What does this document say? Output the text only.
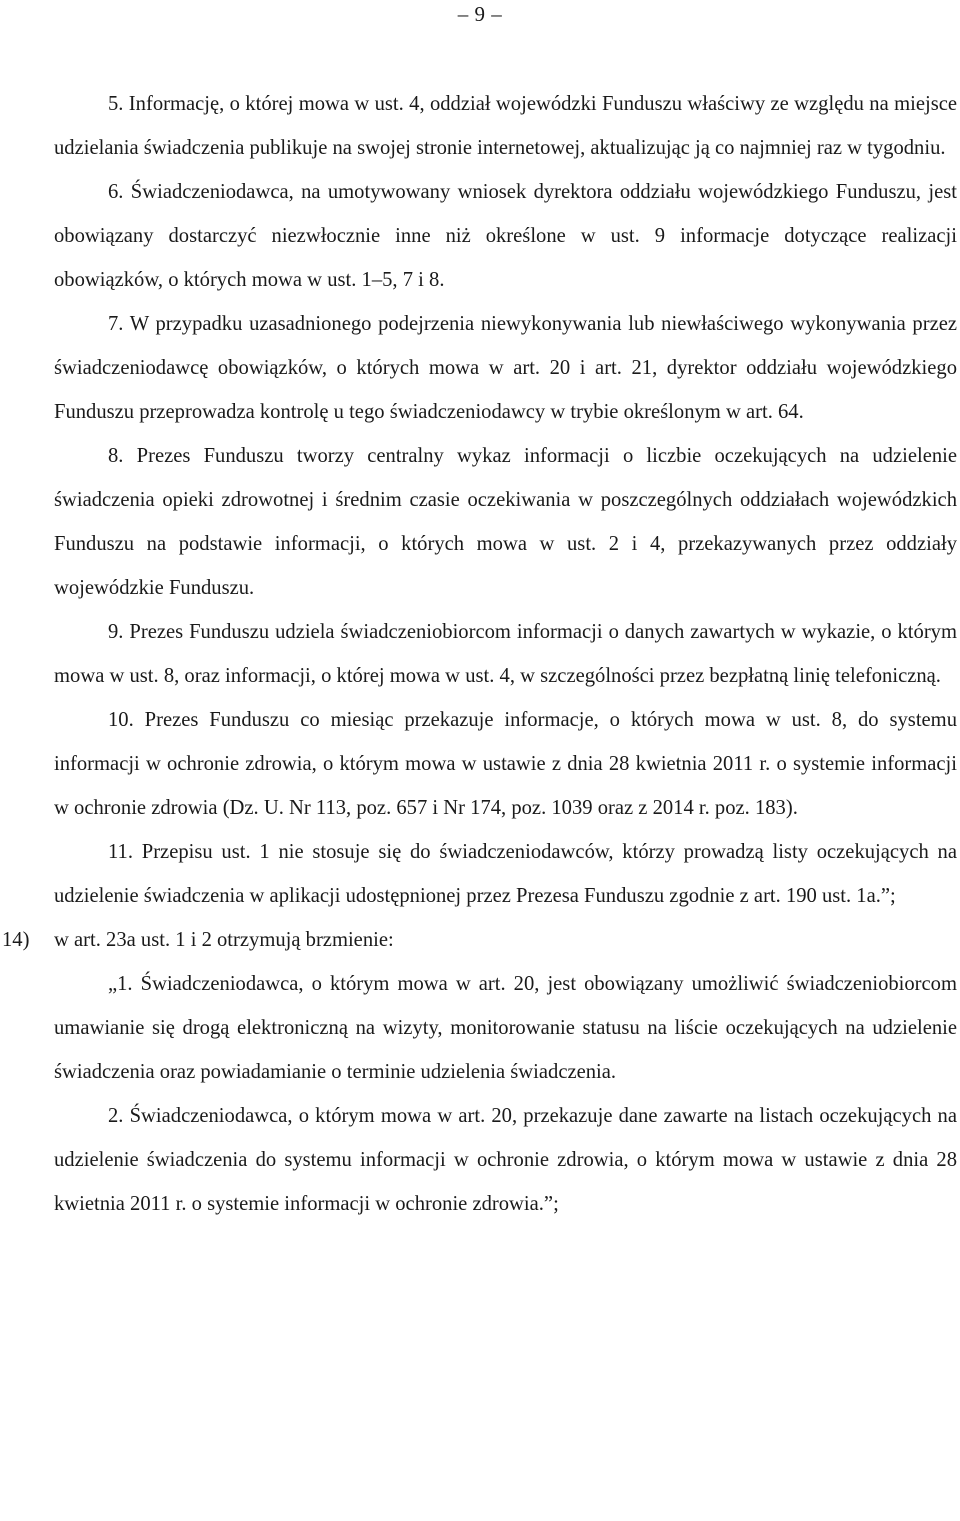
– 9 –

5. Informację, o której mowa w ust. 4, oddział wojewódzki Funduszu właściwy ze względu na miejsce udzielania świadczenia publikuje na swojej stronie internetowej, aktualizując ją co najmniej raz w tygodniu.

6. Świadczeniodawca, na umotywowany wniosek dyrektora oddziału wojewódzkiego Funduszu, jest obowiązany dostarczyć niezwłocznie inne niż określone w ust. 9 informacje dotyczące realizacji obowiązków, o których mowa w ust. 1–5, 7 i 8.

7. W przypadku uzasadnionego podejrzenia niewykonywania lub niewłaściwego wykonywania przez świadczeniodawcę obowiązków, o których mowa w art. 20 i art. 21, dyrektor oddziału wojewódzkiego Funduszu przeprowadza kontrolę u tego świadczeniodawcy w trybie określonym w art. 64.

8. Prezes Funduszu tworzy centralny wykaz informacji o liczbie oczekujących na udzielenie świadczenia opieki zdrowotnej i średnim czasie oczekiwania w poszczególnych oddziałach wojewódzkich Funduszu na podstawie informacji, o których mowa w ust. 2 i 4, przekazywanych przez oddziały wojewódzkie Funduszu.

9. Prezes Funduszu udziela świadczeniobiorcom informacji o danych zawartych w wykazie, o którym mowa w ust. 8, oraz informacji, o której mowa w ust. 4, w szczególności przez bezpłatną linię telefoniczną.

10. Prezes Funduszu co miesiąc przekazuje informacje, o których mowa w ust. 8, do systemu informacji w ochronie zdrowia, o którym mowa w ustawie z dnia 28 kwietnia 2011 r. o systemie informacji w ochronie zdrowia (Dz. U. Nr 113, poz. 657 i Nr 174, poz. 1039 oraz z 2014 r. poz. 183).

11. Przepisu ust. 1 nie stosuje się do świadczeniodawców, którzy prowadzą listy oczekujących na udzielenie świadczenia w aplikacji udostępnionej przez Prezesa Funduszu zgodnie z art. 190 ust. 1a.”;

14) w art. 23a ust. 1 i 2 otrzymują brzmienie:

„1. Świadczeniodawca, o którym mowa w art. 20, jest obowiązany umożliwić świadczeniobiorcom umawianie się drogą elektroniczną na wizyty, monitorowanie statusu na liście oczekujących na udzielenie świadczenia oraz powiadamianie o terminie udzielenia świadczenia.

2. Świadczeniodawca, o którym mowa w art. 20, przekazuje dane zawarte na listach oczekujących na udzielenie świadczenia do systemu informacji w ochronie zdrowia, o którym mowa w ustawie z dnia 28 kwietnia 2011 r. o systemie informacji w ochronie zdrowia.”;
